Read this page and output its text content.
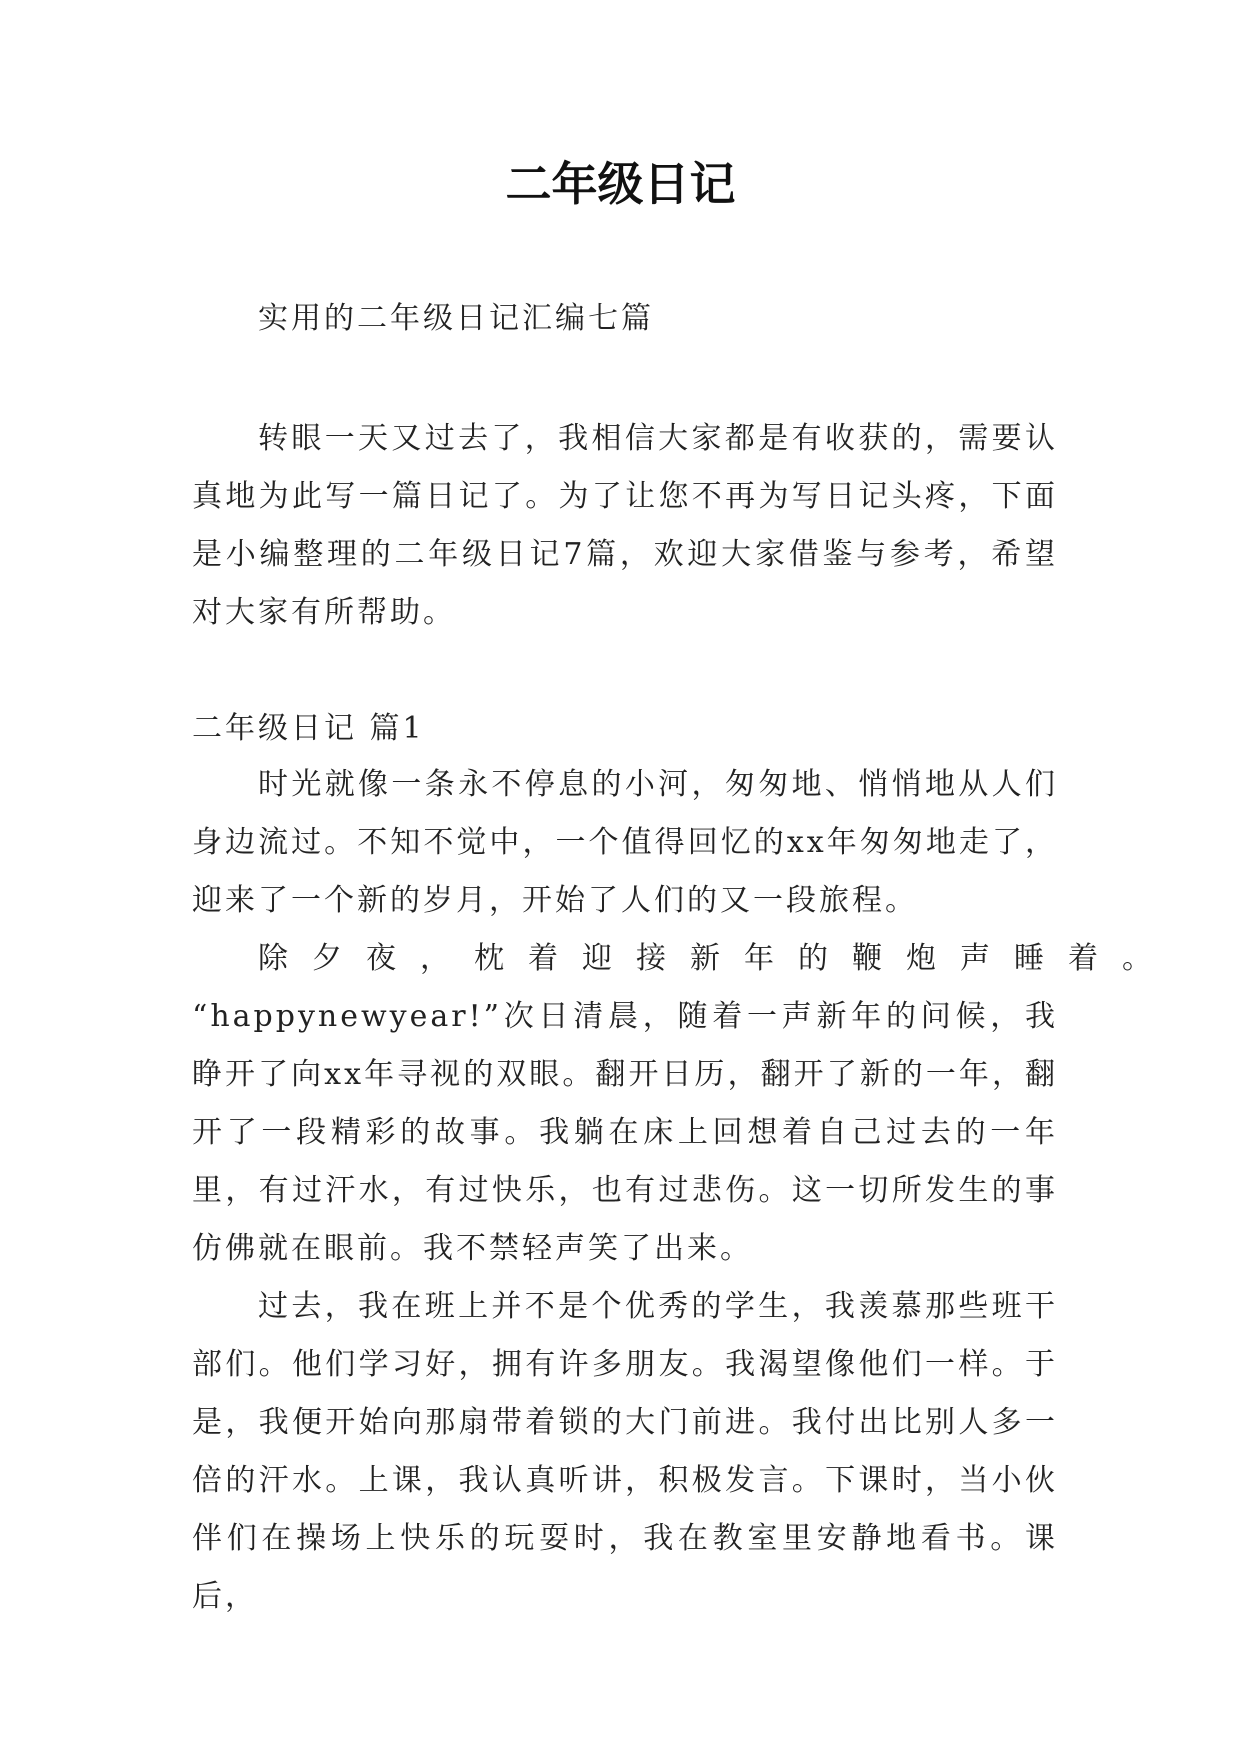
二年级日记

实用的二年级日记汇编七篇

转眼一天又过去了，我相信大家都是有收获的，需要认真地为此写一篇日记了。为了让您不再为写日记头疼，下面是小编整理的二年级日记7篇，欢迎大家借鉴与参考，希望对大家有所帮助。

二年级日记 篇1

时光就像一条永不停息的小河，匆匆地、悄悄地从人们身边流过。不知不觉中，一个值得回忆的xx年匆匆地走了，迎来了一个新的岁月，开始了人们的又一段旅程。

除夕夜，枕着迎接新年的鞭炮声睡着。
“happynewyear!”次日清晨，随着一声新年的问候，我睁开了向xx年寻视的双眼。翻开日历，翻开了新的一年，翻开了一段精彩的故事。我躺在床上回想着自己过去的一年里，有过汗水，有过快乐，也有过悲伤。这一切所发生的事仿佛就在眼前。我不禁轻声笑了出来。

过去，我在班上并不是个优秀的学生，我羡慕那些班干部们。他们学习好，拥有许多朋友。我渴望像他们一样。于是，我便开始向那扇带着锁的大门前进。我付出比别人多一倍的汗水。上课，我认真听讲，积极发言。下课时，当小伙伴们在操场上快乐的玩耍时，我在教室里安静地看书。课后，
